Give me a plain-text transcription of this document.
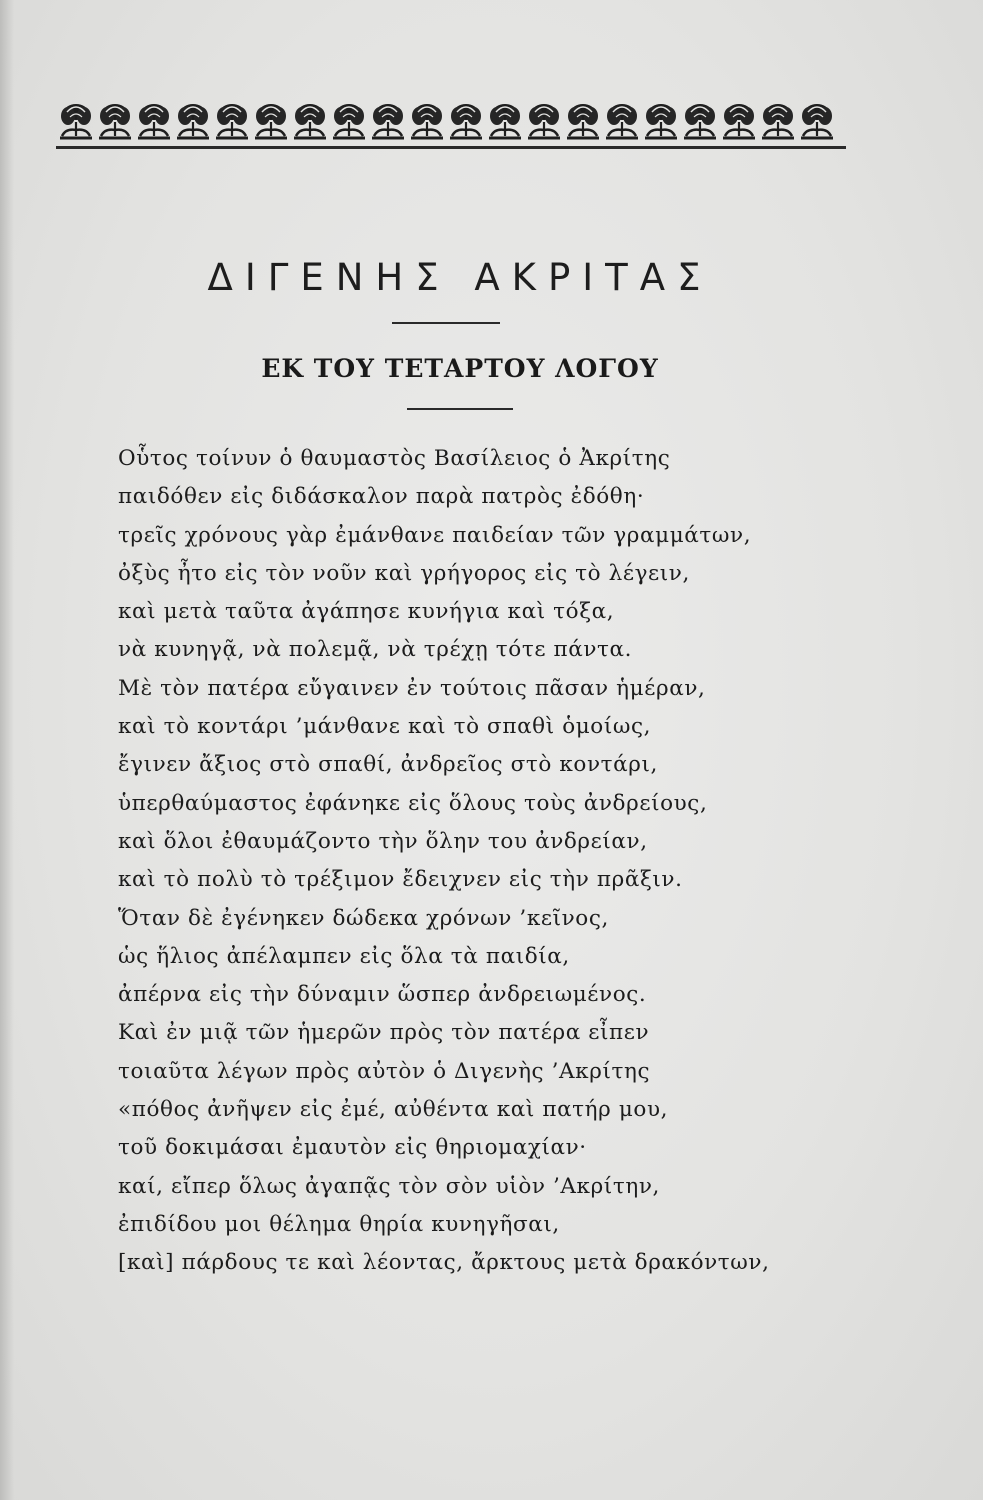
ΔΙΓΕΝΗΣ ΑΚΡΙΤΑΣ
ΕΚ ΤΟΥ ΤΕΤΑΡΤΟΥ ΛΟΓΟΥ
Οὗτος τοίνυν ὁ θαυμαστὸς Βασίλειος ὁ Ἀκρίτης
παιδόθεν εἰς διδάσκαλον παρὰ πατρὸς ἐδόθη·
τρεῖς χρόνους γὰρ ἐμάνθανε παιδείαν τῶν γραμμάτων,
ὀξὺς ἦτο εἰς τὸν νοῦν καὶ γρήγορος εἰς τὸ λέγειν,
καὶ μετὰ ταῦτα ἀγάπησε κυνήγια καὶ τόξα,
νὰ κυνηγᾷ, νὰ πολεμᾷ, νὰ τρέχῃ τότε πάντα.
Μὲ τὸν πατέρα εὔγαινεν ἐν τούτοις πᾶσαν ἡμέραν,
καὶ τὸ κοντάρι ’μάνθανε καὶ τὸ σπαθὶ ὁμοίως,
ἔγινεν ἄξιος στὸ σπαθί, ἀνδρεῖος στὸ κοντάρι,
ὑπερθαύμαστος ἐφάνηκε εἰς ὅλους τοὺς ἀνδρείους,
καὶ ὅλοι ἐθαυμάζοντο τὴν ὅλην του ἀνδρείαν,
καὶ τὸ πολὺ τὸ τρέξιμον ἔδειχνεν εἰς τὴν πρᾶξιν.
Ὅταν δὲ ἐγένηκεν δώδεκα χρόνων ’κεῖνος,
ὡς ἥλιος ἀπέλαμπεν εἰς ὅλα τὰ παιδία,
ἀπέρνα εἰς τὴν δύναμιν ὥσπερ ἀνδρειωμένος.
Καὶ ἐν μιᾷ τῶν ἡμερῶν πρὸς τὸν πατέρα εἶπεν
τοιαῦτα λέγων πρὸς αὐτὸν ὁ Διγενὴς ’Ακρίτης
«πόθος ἀνῆψεν εἰς ἐμέ, αὐθέντα καὶ πατήρ μου,
τοῦ δοκιμάσαι ἐμαυτὸν εἰς θηριομαχίαν·
καί, εἴπερ ὅλως ἀγαπᾷς τὸν σὸν υἱὸν ’Ακρίτην,
ἐπιδίδου μοι θέλημα θηρία κυνηγῆσαι,
[καὶ] πάρδους τε καὶ λέοντας, ἄρκτους μετὰ δρακόντων,
